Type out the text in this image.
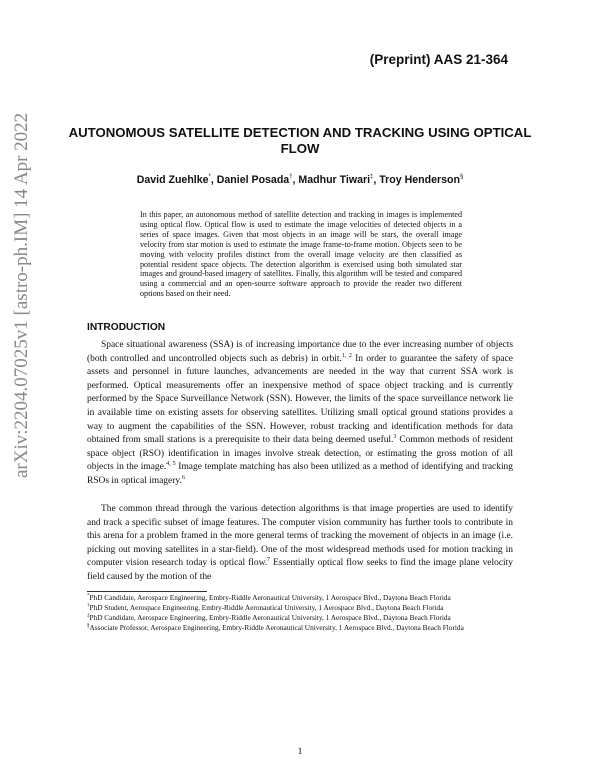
(Preprint) AAS 21-364
AUTONOMOUS SATELLITE DETECTION AND TRACKING USING OPTICAL FLOW
David Zuehlke*, Daniel Posada†, Madhur Tiwari‡, Troy Henderson§
arXiv:2204.07025v1 [astro-ph.IM] 14 Apr 2022	In this paper, an autonomous method of satellite detection and tracking in images is implemented using optical flow. Optical flow is used to estimate the image velocities of detected objects in a series of space images. Given that most objects in an image will be stars, the overall image velocity from star motion is used to estimate the image frame-to-frame motion. Objects seen to be moving with velocity profiles distinct from the overall image velocity are then classified as potential resident space objects. The detection algorithm is exercised using both simulated star images and ground-based imagery of satellites. Finally, this algorithm will be tested and compared using a commercial and an open-source software approach to provide the reader two different options based on their need.
INTRODUCTION

Space situational awareness (SSA) is of increasing importance due to the ever increasing number of objects (both controlled and uncontrolled objects such as debris) in orbit.$^{1, 2}$ In order to guarantee the safety of space assets and personnel in future launches, advancements are needed in the way that current SSA work is performed. Optical measurements offer an inexpensive method of space object tracking and is currently performed by the Space Surveillance Network (SSN). However, the limits of the space surveillance network lie in available time on existing assets for observing satellites. Utilizing small optical ground stations provides a way to augment the capabilities of the SSN. However, robust tracking and identification methods for data obtained from small stations is a prerequisite to their data being deemed useful.$^3$ Common methods of resident space object (RSO) identification in images involve streak detection, or estimating the gross motion of all objects in the image.$^{4, 5}$ Image template matching has also been utilized as a method of identifying and tracking RSOs in optical imagery.$^6$

The common thread through the various detection algorithms is that image properties are used to identify and track a specific subset of image features. The computer vision community has further tools to contribute in this arena for a problem framed in the more general terms of tracking the movement of objects in an image (i.e. picking out moving satellites in a star-field). One of the most widespread methods used for motion tracking in computer vision research today is optical flow.$^7$ Essentially optical flow seeks to find the image plane velocity field caused by the motion of the

*PhD Candidate, Aerospace Engineering, Embry-Riddle Aeronautical University, 1 Aerospace Blvd., Daytona Beach Florida

†PhD Student, Aerospace Engineering, Embry-Riddle Aeronautical University, 1 Aerospace Blvd., Daytona Beach Florida

‡PhD Candidate, Aerospace Engineering, Embry-Riddle Aeronautical University, 1 Aerospace Blvd., Daytona Beach Florida

§Associate Professor, Aerospace Engineering, Embry-Riddle Aeronautical University, 1 Aerospace Blvd., Daytona Beach Florida

1
